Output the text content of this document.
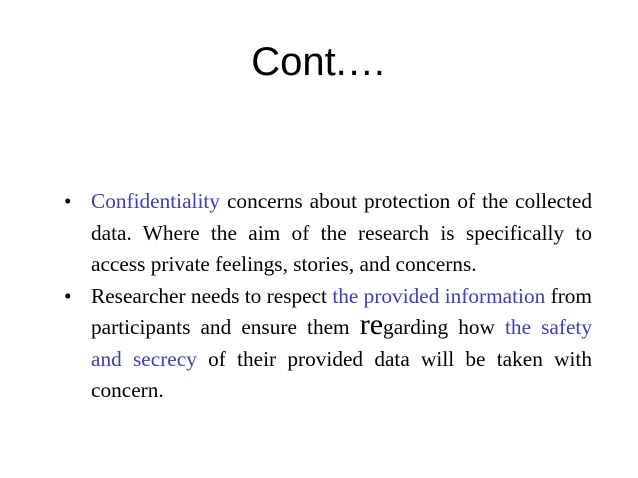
Cont.…
• Confidentiality concerns about protection of the collected data. Where the aim of the research is specifically to access private feelings, stories, and concerns.
• Researcher needs to respect the provided information from participants and ensure them regarding how the safety and secrecy of their provided data will be taken with concern.
